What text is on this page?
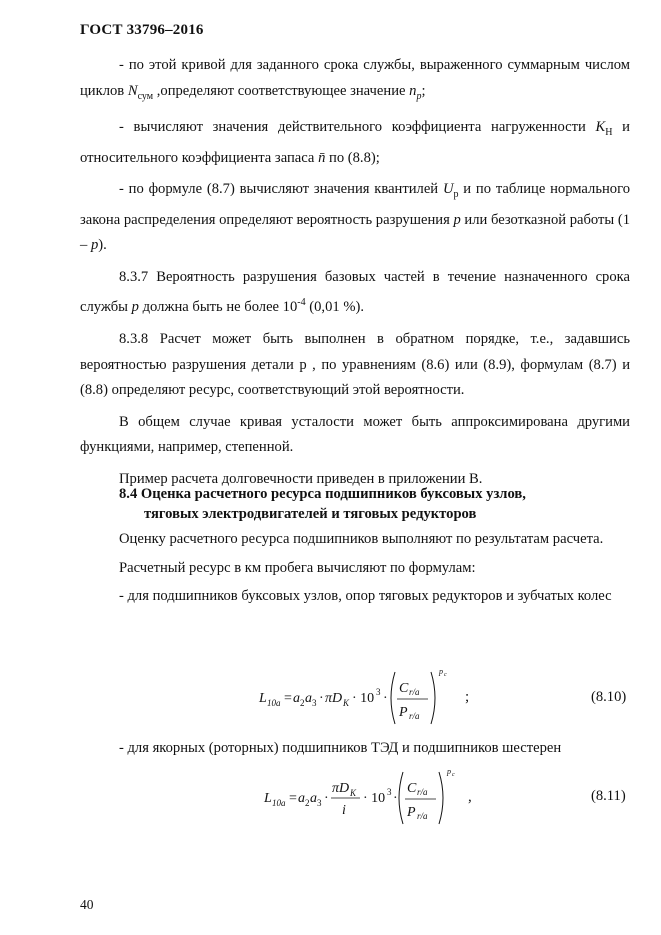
ГОСТ 33796–2016

- по этой кривой для заданного срока службы, выраженного суммарным числом циклов $N_{сум}$ ,определяют соответствующее значение $n_p$;

- вычисляют значения действительного коэффициента нагруженности $K_Н$ и относительного коэффициента запаса n̄ по (8.8);

- по формуле (8.7) вычисляют значения квантилей $U_р$ и по таблице нормального закона распределения определяют вероятность разрушения p или безотказной работы (1 – p).

8.3.7 Вероятность разрушения базовых частей в течение назначенного срока службы p должна быть не более $10^{-4}$ (0,01 %).

8.3.8 Расчет может быть выполнен в обратном порядке, т.е., задавшись вероятностью разрушения детали p , по уравнениям (8.6) или (8.9), формулам (8.7) и (8.8) определяют ресурс, соответствующий этой вероятности.

В общем случае кривая усталости может быть аппроксимирована другими функциями, например, степенной.

Пример расчета долговечности приведен в приложении В.

8.4 Оценка расчетного ресурса подшипников буксовых узлов,
тяговых электродвигателей и тяговых редукторов

Оценку расчетного ресурса подшипников выполняют по результатам расчета.

Расчетный ресурс в км пробега вычисляют по формулам:

- для подшипников буксовых узлов, опор тяговых редукторов и зубчатых колес

L 10a = a 2 a 3 · πD K · 10 3 ·
C r/a
P r/a
p c
;	(8.10)
- для якорных (роторных) подшипников ТЭД и подшипников шестерен
L 10a = a 2 a 3 ·
πD K
i
· 10 3 ·
C r/a
P r/a
p c
,	(8.11)
40
